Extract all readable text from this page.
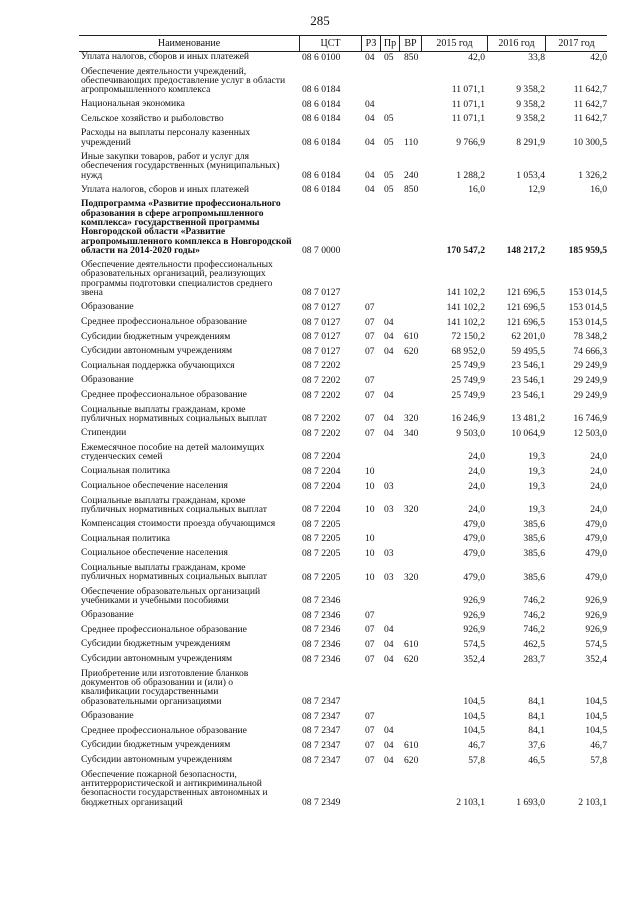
285
Наименование	ЦСТ	РЗ Пр ВР	2015 год	2016 год	2017 год
Уплата налогов, сборов и иных платежей	08 6 0100	04 05	850	42,0	33,8	42,0
Обеспечение деятельности учреждений, обеспечивающих предоставление услуг в области агропромышленного комплекса	08 6 0184	11 071,1	9 358,2	11 642,7
Национальная экономика	08 6 0184	04	11 071,1	9 358,2	11 642,7
Сельское хозяйство и рыболовство	08 6 0184	04 05	11 071,1	9 358,2	11 642,7
Расходы на выплаты персоналу казенных учреждений	08 6 0184	04 05	110	9 766,9	8 291,9	10 300,5
Иные закупки товаров, работ и услуг для обеспечения государственных (муниципальных) нужд	08 6 0184	04 05	240	1 288,2	1 053,4	1 326,2
Уплата налогов, сборов и иных платежей	08 6 0184	04 05	850	16,0	12,9	16,0
Подпрограмма «Развитие профессионального образования в сфере агропромышленного комплекса» государственной программы Новгородской области «Развитие агропромышленного комплекса в Новгородской области на 2014-2020 годы»	08 7 0000	170 547,2	148 217,2	185 959,5
Обеспечение деятельности профессиональных образовательных организаций, реализующих программы подготовки специалистов среднего звена	08 7 0127	141 102,2	121 696,5	153 014,5
Образование	08 7 0127	07	141 102,2	121 696,5	153 014,5
Среднее профессиональное образование	08 7 0127	07 04	141 102,2	121 696,5	153 014,5
Субсидии бюджетным учреждениям	08 7 0127	07 04	610	72 150,2	62 201,0	78 348,2
Субсидии автономным учреждениям	08 7 0127	07 04	620	68 952,0	59 495,5	74 666,3
Социальная поддержка обучающихся	08 7 2202	25 749,9	23 546,1	29 249,9
Образование	08 7 2202	07	25 749,9	23 546,1	29 249,9
Среднее профессиональное образование	08 7 2202	07 04	25 749,9	23 546,1	29 249,9
Социальные выплаты гражданам, кроме публичных нормативных социальных выплат	08 7 2202	07 04	320	16 246,9	13 481,2	16 746,9
Стипендии	08 7 2202	07 04	340	9 503,0	10 064,9	12 503,0
Ежемесячное пособие на детей малоимущих студенческих семей	08 7 2204	24,0	19,3	24,0
Социальная политика	08 7 2204	10	24,0	19,3	24,0
Социальное обеспечение населения	08 7 2204	10 03	24,0	19,3	24,0
Социальные выплаты гражданам, кроме публичных нормативных социальных выплат	08 7 2204	10 03	320	24,0	19,3	24,0
Компенсация стоимости проезда обучающимся	08 7 2205	479,0	385,6	479,0
Социальная политика	08 7 2205	10	479,0	385,6	479,0
Социальное обеспечение населения	08 7 2205	10 03	479,0	385,6	479,0
Социальные выплаты гражданам, кроме публичных нормативных социальных выплат	08 7 2205	10 03	320	479,0	385,6	479,0
Обеспечение образовательных организаций учебниками и учебными пособиями	08 7 2346	926,9	746,2	926,9
Образование	08 7 2346	07	926,9	746,2	926,9
Среднее профессиональное образование	08 7 2346	07 04	926,9	746,2	926,9
Субсидии бюджетным учреждениям	08 7 2346	07 04	610	574,5	462,5	574,5
Субсидии автономным учреждениям	08 7 2346	07 04	620	352,4	283,7	352,4
Приобретение или изготовление бланков документов об образовании и (или) о квалификации государственными образовательными организациями	08 7 2347	104,5	84,1	104,5
Образование	08 7 2347	07	104,5	84,1	104,5
Среднее профессиональное образование	08 7 2347	07 04	104,5	84,1	104,5
Субсидии бюджетным учреждениям	08 7 2347	07 04	610	46,7	37,6	46,7
Субсидии автономным учреждениям	08 7 2347	07 04	620	57,8	46,5	57,8
Обеспечение пожарной безопасности, антитеррористической и антикриминальной безопасности государственных автономных и бюджетных организаций	08 7 2349	2 103,1	1 693,0	2 103,1
